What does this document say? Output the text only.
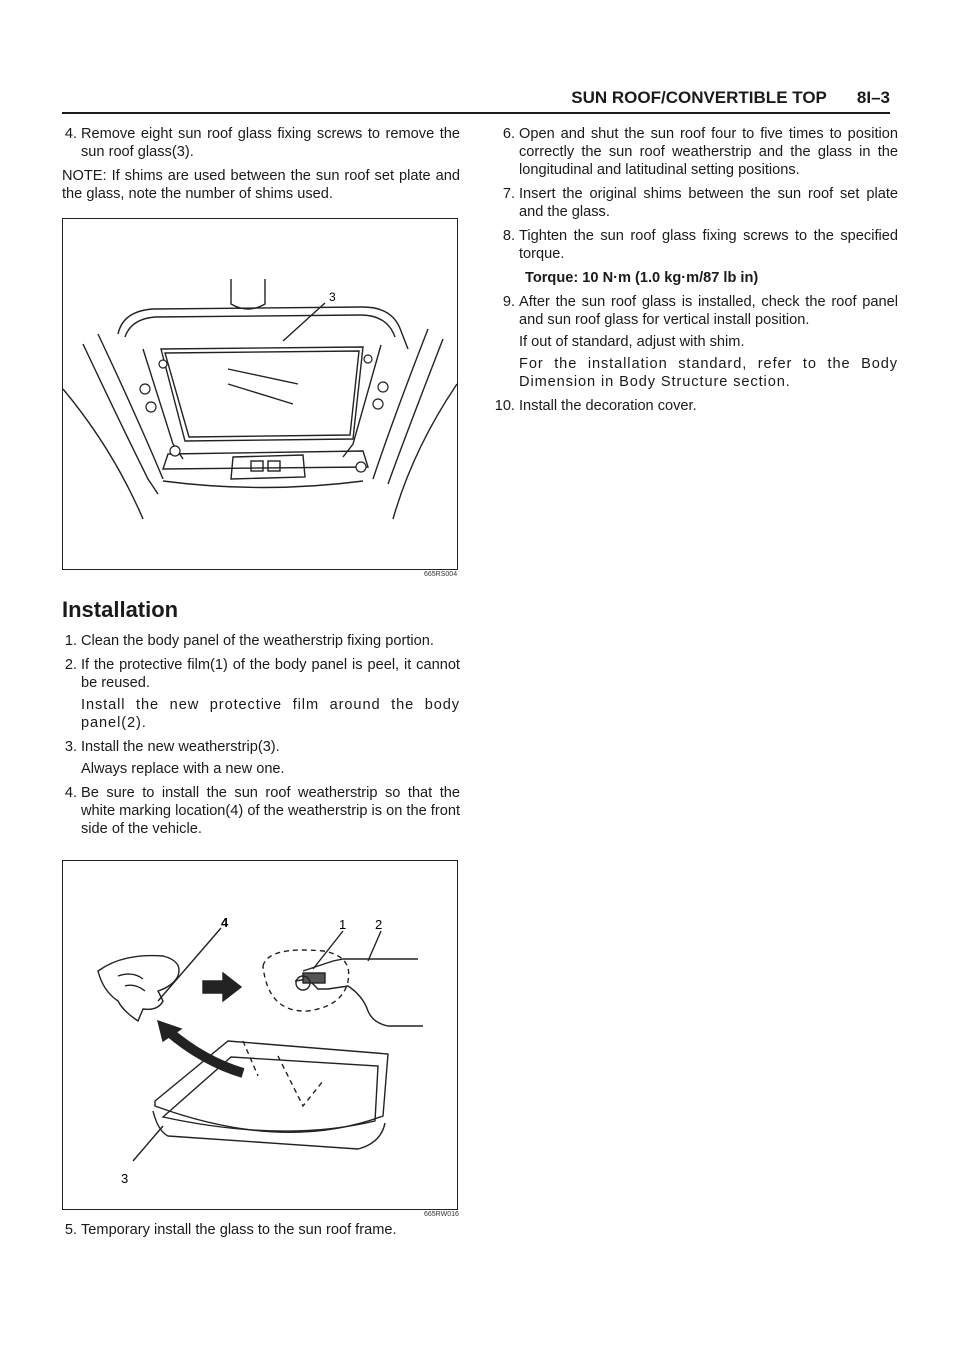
SUN ROOF/CONVERTIBLE TOP 8I–3
4. Remove eight sun roof glass fixing screws to remove the sun roof glass(3).
NOTE: If shims are used between the sun roof set plate and the glass, note the number of shims used.
3
665RS004
Installation
1. Clean the body panel of the weatherstrip fixing portion.
2. If the protective film(1) of the body panel is peel, it cannot be reused.
Install the new protective film around the body panel(2).
3. Install the new weatherstrip(3).
Always replace with a new one.
4. Be sure to install the sun roof weatherstrip so that the white marking location(4) of the weatherstrip is on the front side of the vehicle.
4	1 2
3
665RW016
5. Temporary install the glass to the sun roof frame.
6. Open and shut the sun roof four to five times to position correctly the sun roof weatherstrip and the glass in the longitudinal and latitudinal setting positions.
7. Insert the original shims between the sun roof set plate and the glass.
8. Tighten the sun roof glass fixing screws to the specified torque.
Torque: 10 N·m (1.0 kg·m/87 lb in)
9. After the sun roof glass is installed, check the roof panel and sun roof glass for vertical install position.
If out of standard, adjust with shim.
For the installation standard, refer to the Body Dimension in Body Structure section.
10. Install the decoration cover.
